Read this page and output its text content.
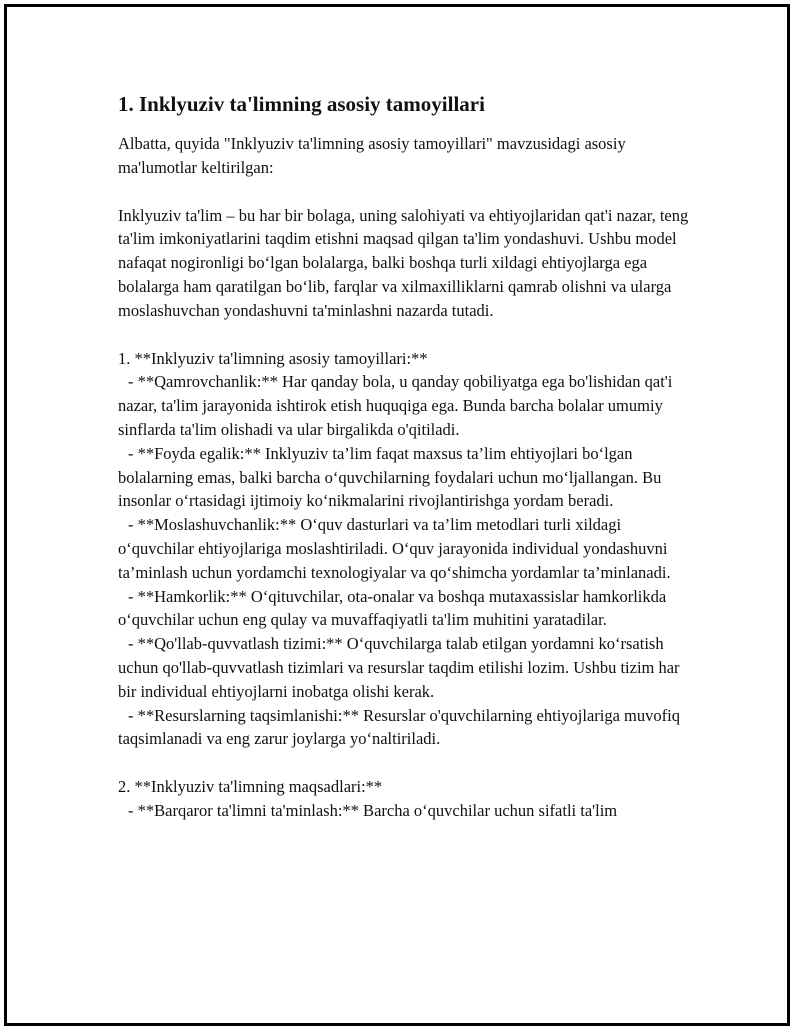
1. Inklyuziv ta'limning asosiy tamoyillari

Albatta, quyida "Inklyuziv ta'limning asosiy tamoyillari" mavzusidagi asosiy ma'lumotlar keltirilgan:

Inklyuziv ta'lim – bu har bir bolaga, uning salohiyati va ehtiyojlaridan qat'i nazar, teng ta'lim imkoniyatlarini taqdim etishni maqsad qilgan ta'lim yondashuvi. Ushbu model nafaqat nogironligi bo‘lgan bolalarga, balki boshqa turli xildagi ehtiyojlarga ega bolalarga ham qaratilgan bo‘lib, farqlar va xilmaxilliklarni qamrab olishni va ularga moslashuvchan yondashuvni ta'minlashni nazarda tutadi.

1. **Inklyuziv ta'limning asosiy tamoyillari:**

- **Qamrovchanlik:** Har qanday bola, u qanday qobiliyatga ega bo'lishidan qat'i nazar, ta'lim jarayonida ishtirok etish huquqiga ega. Bunda barcha bolalar umumiy sinflarda ta'lim olishadi va ular birgalikda o'qitiladi.

- **Foyda egalik:** Inklyuziv ta’lim faqat maxsus ta’lim ehtiyojlari bo‘lgan bolalarning emas, balki barcha o‘quvchilarning foydalari uchun mo‘ljallangan. Bu insonlar o‘rtasidagi ijtimoiy ko‘nikmalarini rivojlantirishga yordam beradi.

- **Moslashuvchanlik:** O‘quv dasturlari va ta’lim metodlari turli xildagi o‘quvchilar ehtiyojlariga moslashtiriladi. O‘quv jarayonida individual yondashuvni ta’minlash uchun yordamchi texnologiyalar va qo‘shimcha yordamlar ta’minlanadi.

- **Hamkorlik:** O‘qituvchilar, ota-onalar va boshqa mutaxassislar hamkorlikda o‘quvchilar uchun eng qulay va muvaffaqiyatli ta'lim muhitini yaratadilar.

- **Qo'llab-quvvatlash tizimi:** O‘quvchilarga talab etilgan yordamni ko‘rsatish uchun qo'llab-quvvatlash tizimlari va resurslar taqdim etilishi lozim. Ushbu tizim har bir individual ehtiyojlarni inobatga olishi kerak.

- **Resurslarning taqsimlanishi:** Resurslar o'quvchilarning ehtiyojlariga muvofiq taqsimlanadi va eng zarur joylarga yo‘naltiriladi.

2. **Inklyuziv ta'limning maqsadlari:**

- **Barqaror ta'limni ta'minlash:** Barcha o‘quvchilar uchun sifatli ta'lim
